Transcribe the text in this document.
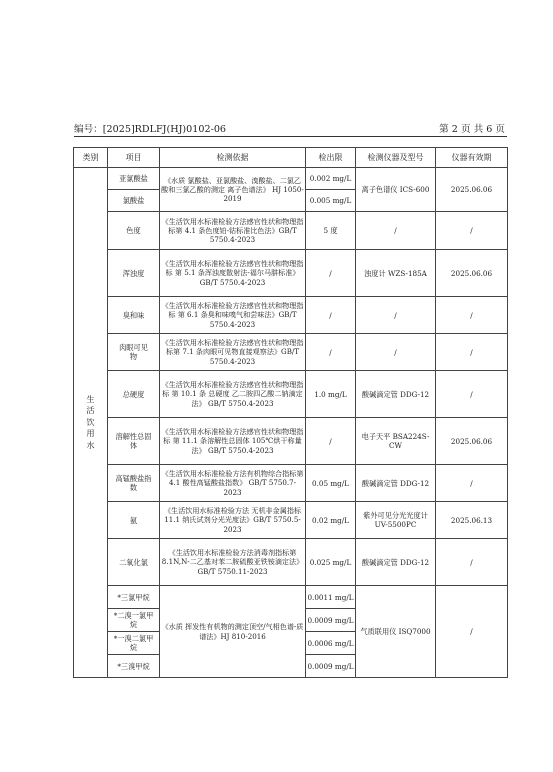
编号：[2025]RDLFJ(HJ)0102-06	第 2 页 共 6 页
类别	项目	检测依据	检出限	检测仪器及型号	仪器有效期
生活饮用水	亚氯酸盐	《水质 氯酸盐、亚氯酸盐、溴酸盐、二氯乙酸和三氯乙酸的测定 离子色谱法》 HJ 1050-2019	0.002 mg/L	离子色谱仪 ICS-600	2025.06.06
	氯酸盐		0.005 mg/L		
	色度	《生活饮用水标准检验方法感官性状和物理指标第 4.1 条色度铂-钴标准比色法》GB/T 5750.4-2023	5 度	/	/
	浑浊度	《生活饮用水标准检验方法感官性状和物理指标 第 5.1 条浑浊度散射法-福尔马肼标准》 GB/T 5750.4-2023	/	浊度计 WZS-185A	2025.06.06
	臭和味	《生活饮用水标准检验方法感官性状和物理指标 第 6.1 条臭和味嗅气和尝味法》GB/T 5750.4-2023	/	/	/
	肉眼可见物	《生活饮用水标准检验方法感官性状和物理指标第 7.1 条肉眼可见物直接观察法》GB/T 5750.4-2023	/	/	/
	总硬度	《生活饮用水标准检验方法感官性状和物理指标 第 10.1 条 总硬度 乙二胺四乙酸二钠滴定法》 GB/T 5750.4-2023	1.0 mg/L	酸碱滴定管 DDG-12	/
	溶解性总固体	《生活饮用水标准检验方法感官性状和物理指标 第 11.1 条溶解性总固体 105℃烘干称量法》 GB/T 5750.4-2023	/	电子天平 BSA224S-CW	2025.06.06
	高锰酸盐指数	《生活饮用水标准检验方法有机物综合指标第 4.1 酸性高锰酸盐指数》 GB/T 5750.7-2023	0.05 mg/L	酸碱滴定管 DDG-12	/
	氨	《生活饮用水标准检验方法 无机非金属指标 11.1 纳氏试剂分光光度法》GB/T 5750.5-2023	0.02 mg/L	紫外可见分光光度计 UV-5500PC	2025.06.13
	二氧化氯	《生活饮用水标准检验方法消毒剂指标第 8.1N,N-二乙基对苯二胺硫酸亚铁铵滴定法》 GB/T 5750.11-2023	0.025 mg/L	酸碱滴定管 DDG-12	/
	*三氯甲烷	《水质 挥发性有机物的测定顶空/气相色谱-质谱法》HJ 810-2016	0.0011 mg/L	气质联用仪 ISQ7000	/
	*二溴一氯甲烷		0.0009 mg/L		
	*一溴二氯甲烷		0.0006 mg/L		
	*三溴甲烷		0.0009 mg/L		
